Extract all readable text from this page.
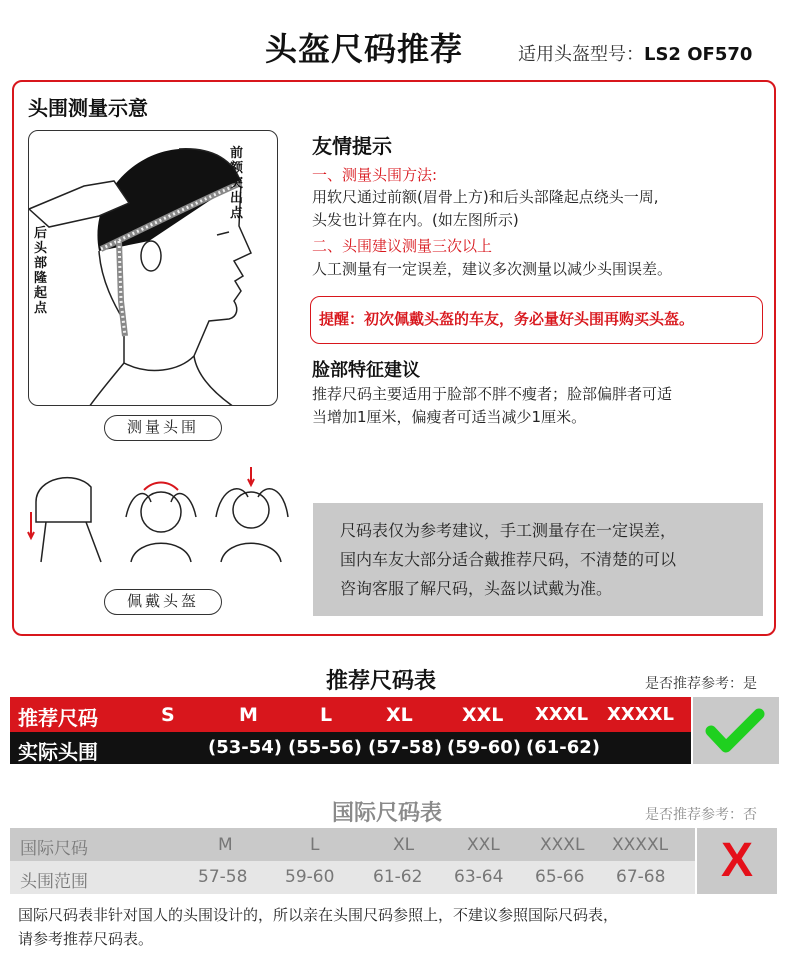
头盔尺码推荐	适用头盔型号：LS2 OF570
头围测量示意
前额突出点
后头部隆起点
测量头围
佩戴头盔
友情提示
一、测量头围方法:
用软尺通过前额(眉骨上方)和后头部隆起点绕头一周,
头发也计算在内。(如左图所示)
二、头围建议测量三次以上
人工测量有一定误差，建议多次测量以减少头围误差。
提醒：初次佩戴头盔的车友，务必量好头围再购买头盔。
脸部特征建议
推荐尺码主要适用于脸部不胖不瘦者；脸部偏胖者可适
当增加1厘米，偏瘦者可适当减少1厘米。
尺码表仅为参考建议，手工测量存在一定误差，
国内车友大部分适合戴推荐尺码，不清楚的可以
咨询客服了解尺码，头盔以试戴为准。
推荐尺码表	是否推荐参考：是
推荐尺码	S	M	L	XL	XXL XXXL XXXXL
实际头围	(53-54) (55-56) (57-58) (59-60) (61-62)
国际尺码表	是否推荐参考：否
国际尺码	M	L	XL	XXL XXXL XXXXL
头围范围	57-58 59-60 61-62 63-64 65-66 67-68	X
国际尺码表非针对国人的头围设计的，所以亲在头围尺码参照上，不建议参照国际尺码表，
请参考推荐尺码表。
